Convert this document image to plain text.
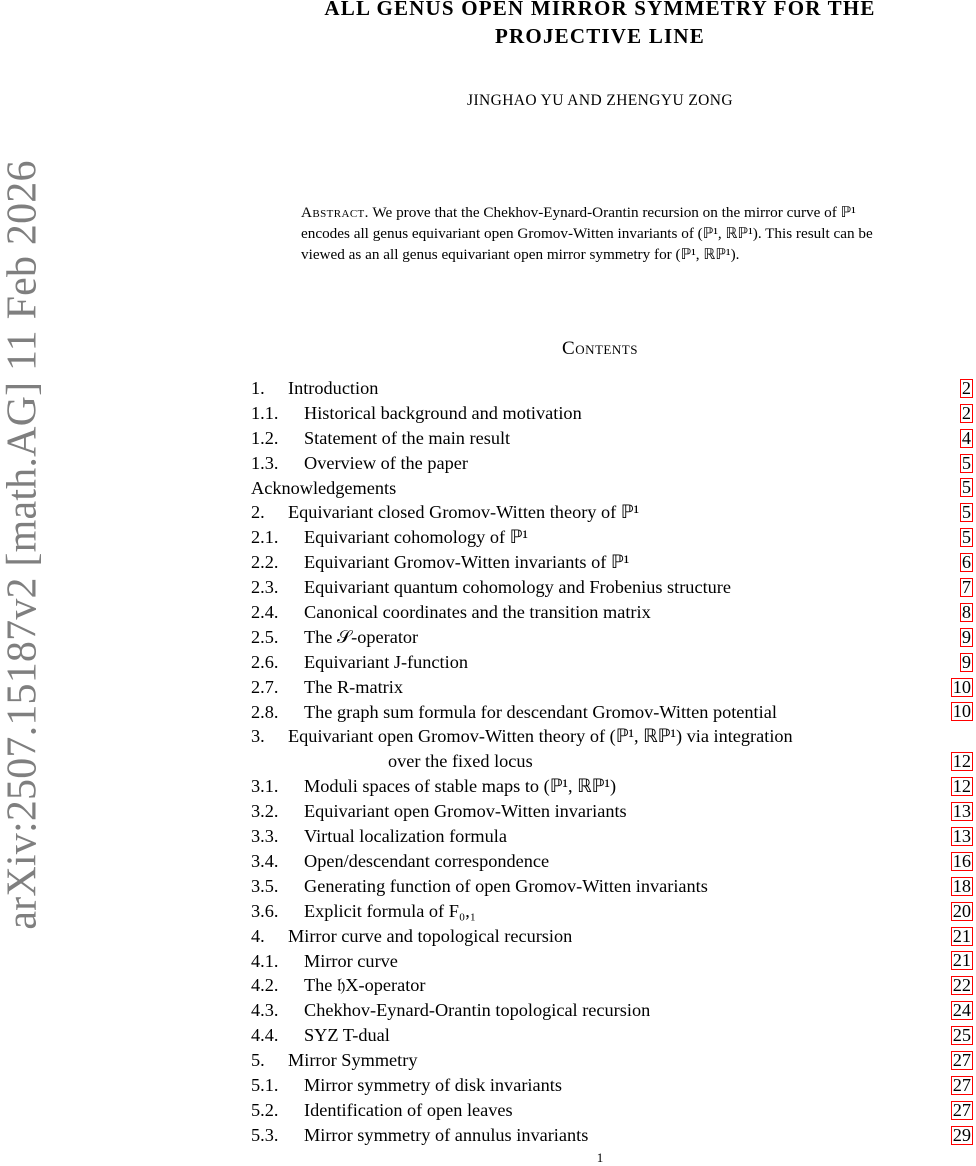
arXiv:2507.15187v2 [math.AG] 11 Feb 2026
ALL GENUS OPEN MIRROR SYMMETRY FOR THE
PROJECTIVE LINE
JINGHAO YU AND ZHENGYU ZONG
Abstract. We prove that the Chekhov-Eynard-Orantin recursion on the mirror curve of ℙ¹ encodes all genus equivariant open Gromov-Witten invariants of (ℙ¹, ℝℙ¹). This result can be viewed as an all genus equivariant open mirror symmetry for (ℙ¹, ℝℙ¹).
Contents
1. Introduction	2
1.1. Historical background and motivation	2
1.2. Statement of the main result	4
1.3. Overview of the paper	5
Acknowledgements	5
2. Equivariant closed Gromov-Witten theory of ℙ¹	5
2.1. Equivariant cohomology of ℙ¹	5
2.2. Equivariant Gromov-Witten invariants of ℙ¹	6
2.3. Equivariant quantum cohomology and Frobenius structure	7
2.4. Canonical coordinates and the transition matrix	8
2.5. The 𝒮-operator	9
2.6. Equivariant J-function	9
2.7. The R-matrix	10
2.8. The graph sum formula for descendant Gromov-Witten potential	10
3. Equivariant open Gromov-Witten theory of (ℙ¹, ℝℙ¹) via integration
over the fixed locus	12
3.1. Moduli spaces of stable maps to (ℙ¹, ℝℙ¹)	12
3.2. Equivariant open Gromov-Witten invariants	13
3.3. Virtual localization formula	13
3.4. Open/descendant correspondence	16
3.5. Generating function of open Gromov-Witten invariants	18
3.6. Explicit formula of F₀,₁	20
4. Mirror curve and topological recursion	21
4.1. Mirror curve	21
4.2. The 𝔥X-operator	22
4.3. Chekhov-Eynard-Orantin topological recursion	24
4.4. SYZ T-dual	25
5. Mirror Symmetry	27
5.1. Mirror symmetry of disk invariants	27
5.2. Identification of open leaves	27
5.3. Mirror symmetry of annulus invariants	29
1
